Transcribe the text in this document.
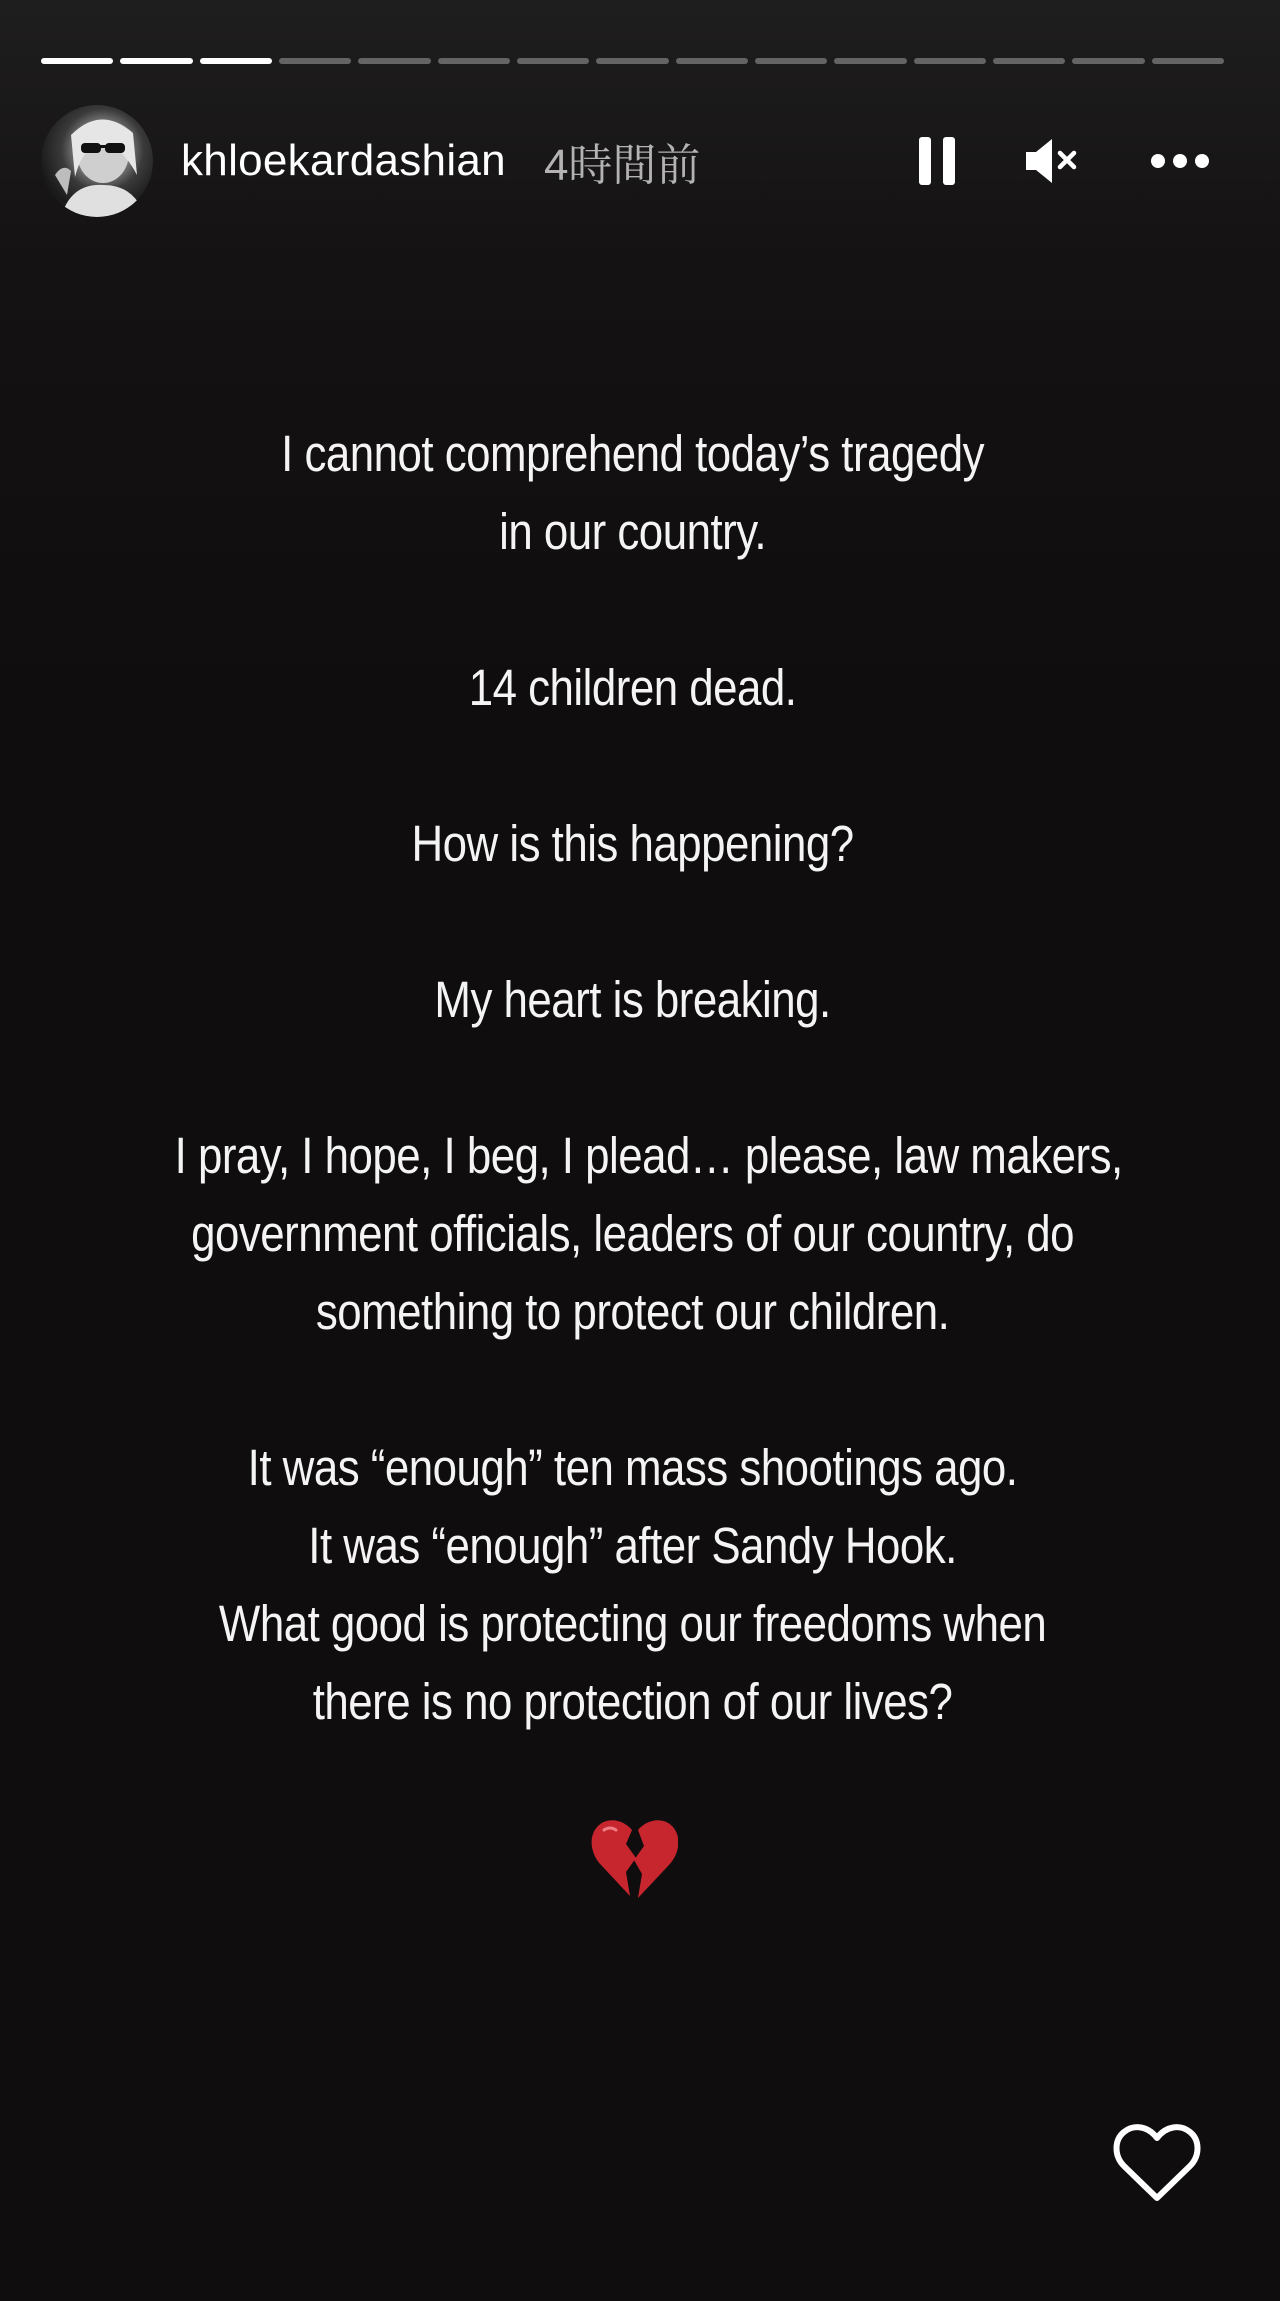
khloekardashian 4時間前
I cannot comprehend today’s tragedy
in our country.
14 children dead.
How is this happening?
My heart is breaking.
I pray, I hope, I beg, I plead… please, law makers,
government officials, leaders of our country, do
something to protect our children.
It was “enough” ten mass shootings ago.
It was “enough” after Sandy Hook.
What good is protecting our freedoms when
there is no protection of our lives?
